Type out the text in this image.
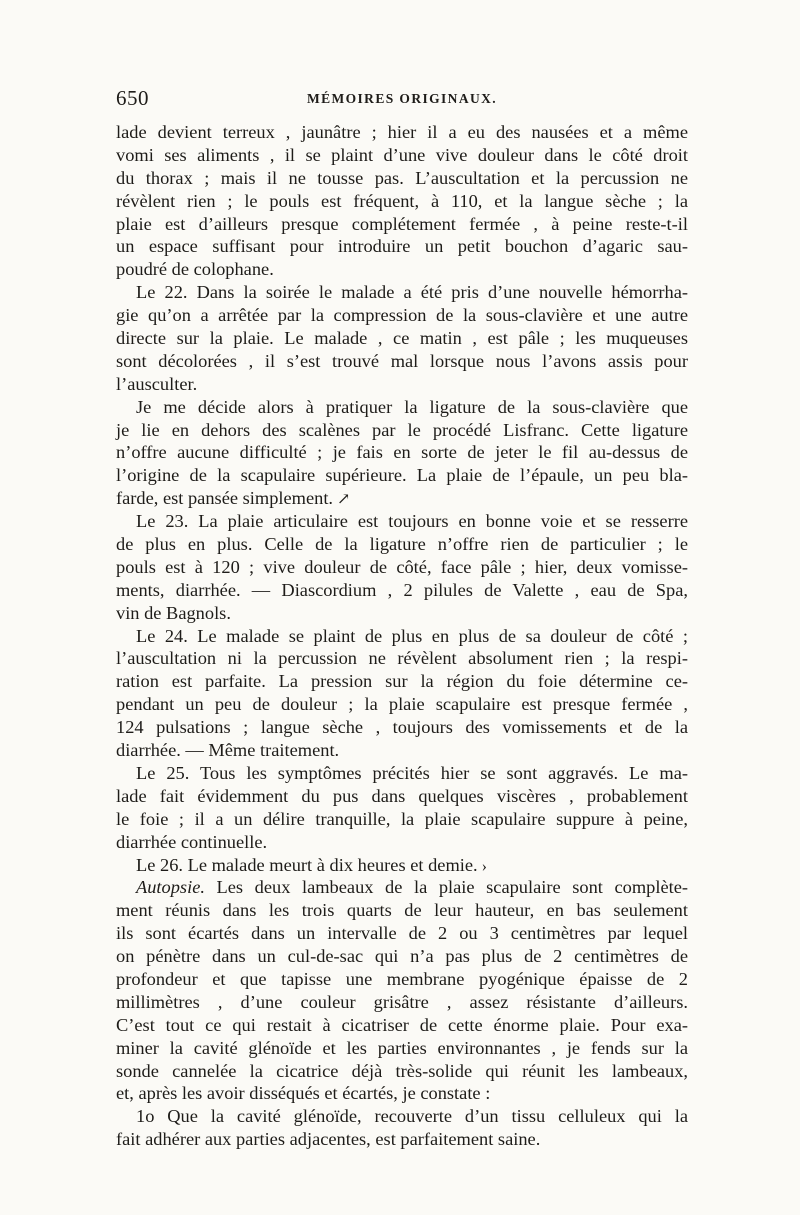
650	MÉMOIRES ORIGINAUX.
lade devient terreux , jaunâtre ; hier il a eu des nausées et a même
vomi ses aliments , il se plaint d’une vive douleur dans le côté droit
du thorax ; mais il ne tousse pas. L’auscultation et la percussion ne
révèlent rien ; le pouls est fréquent, à 110, et la langue sèche ; la
plaie est d’ailleurs presque complétement fermée , à peine reste-t-il
un espace suffisant pour introduire un petit bouchon d’agaric sau-
poudré de colophane.
Le 22. Dans la soirée le malade a été pris d’une nouvelle hémorrha-
gie qu’on a arrêtée par la compression de la sous-clavière et une autre
directe sur la plaie. Le malade , ce matin , est pâle ; les muqueuses
sont décolorées , il s’est trouvé mal lorsque nous l’avons assis pour
l’ausculter.
Je me décide alors à pratiquer la ligature de la sous-clavière que
je lie en dehors des scalènes par le procédé Lisfranc. Cette ligature
n’offre aucune difficulté ; je fais en sorte de jeter le fil au-dessus de
l’origine de la scapulaire supérieure. La plaie de l’épaule, un peu bla-
farde, est pansée simplement. ↗
Le 23. La plaie articulaire est toujours en bonne voie et se resserre
de plus en plus. Celle de la ligature n’offre rien de particulier ; le
pouls est à 120 ; vive douleur de côté, face pâle ; hier, deux vomisse-
ments, diarrhée. — Diascordium , 2 pilules de Valette , eau de Spa,
vin de Bagnols.
Le 24. Le malade se plaint de plus en plus de sa douleur de côté ;
l’auscultation ni la percussion ne révèlent absolument rien ; la respi-
ration est parfaite. La pression sur la région du foie détermine ce-
pendant un peu de douleur ; la plaie scapulaire est presque fermée ,
124 pulsations ; langue sèche , toujours des vomissements et de la
diarrhée. — Même traitement.
Le 25. Tous les symptômes précités hier se sont aggravés. Le ma-
lade fait évidemment du pus dans quelques viscères , probablement
le foie ; il a un délire tranquille, la plaie scapulaire suppure à peine,
diarrhée continuelle.
Le 26. Le malade meurt à dix heures et demie. ›
Autopsie. Les deux lambeaux de la plaie scapulaire sont complète-
ment réunis dans les trois quarts de leur hauteur, en bas seulement
ils sont écartés dans un intervalle de 2 ou 3 centimètres par lequel
on pénètre dans un cul-de-sac qui n’a pas plus de 2 centimètres de
profondeur et que tapisse une membrane pyogénique épaisse de 2
millimètres , d’une couleur grisâtre , assez résistante d’ailleurs.
C’est tout ce qui restait à cicatriser de cette énorme plaie. Pour exa-
miner la cavité glénoïde et les parties environnantes , je fends sur la
sonde cannelée la cicatrice déjà très-solide qui réunit les lambeaux,
et, après les avoir disséqués et écartés, je constate :
1o Que la cavité glénoïde, recouverte d’un tissu celluleux qui la
fait adhérer aux parties adjacentes, est parfaitement saine.
